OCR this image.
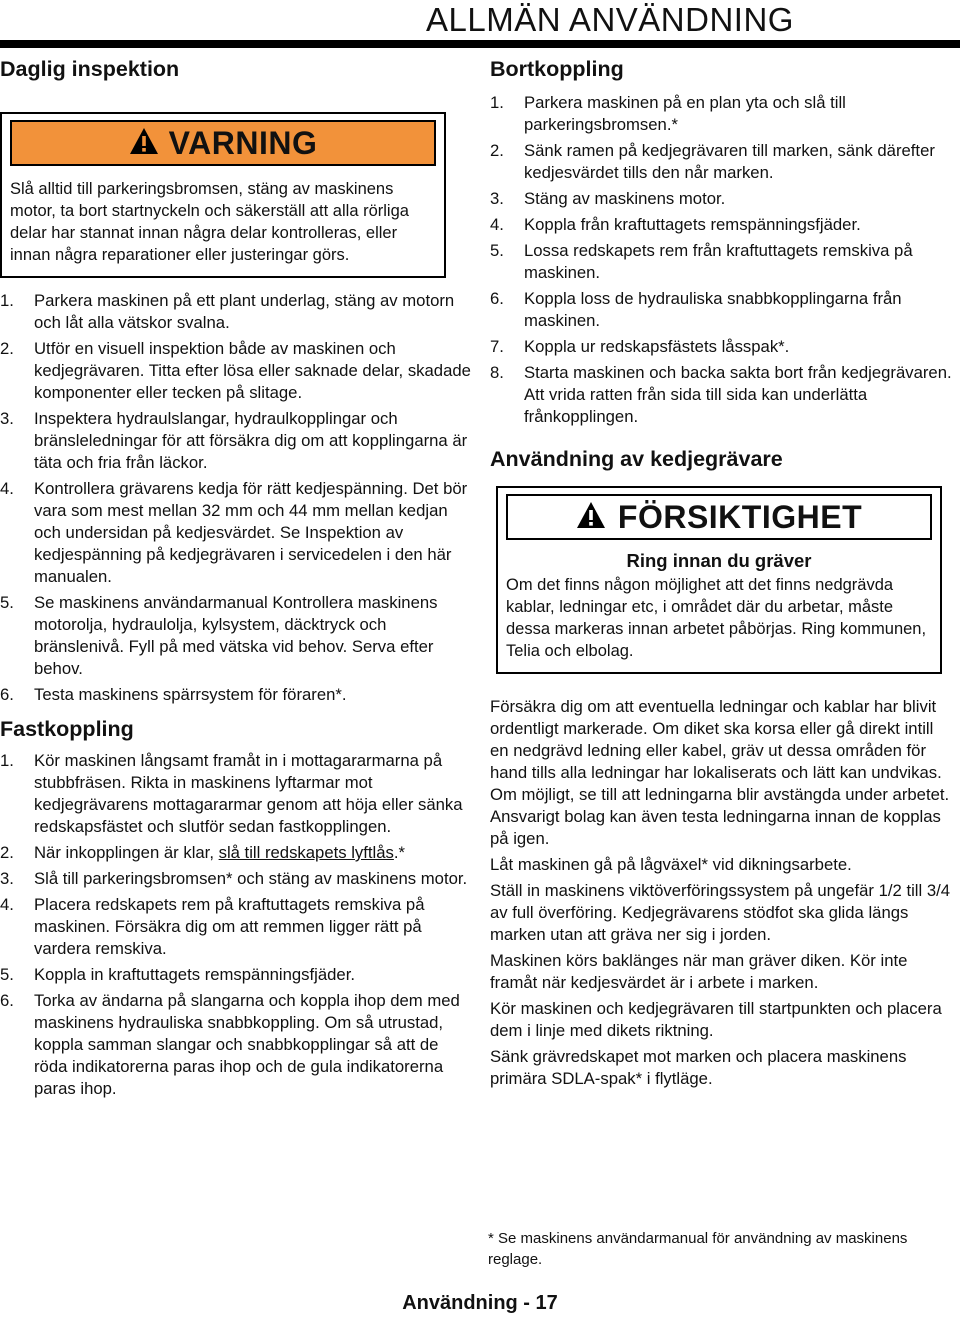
ALLMÄN ANVÄNDNING
Daglig inspektion
VARNING
Slå alltid till parkeringsbromsen, stäng av maskinens motor, ta bort startnyckeln och säkerställ att alla rörliga delar har stannat innan några delar kontrolleras, eller innan några reparationer eller justeringar görs.
1.	Parkera maskinen på ett plant underlag, stäng av motorn och låt alla vätskor svalna.
2.	Utför en visuell inspektion både av maskinen och kedjegrävaren. Titta efter lösa eller saknade delar, skadade komponenter eller tecken på slitage.
3.	Inspektera hydraulslangar, hydraulkopplingar och bränsleledningar för att försäkra dig om att kopplingarna är täta och fria från läckor.
4.	Kontrollera grävarens kedja för rätt kedjespänning. Det bör vara som mest mellan 32 mm och 44 mm mellan kedjan och undersidan på kedjesvärdet. Se Inspektion av kedjespänning på kedjegrävaren i servicedelen i den här manualen.
5.	Se maskinens användarmanual Kontrollera maskinens motorolja, hydraulolja, kylsystem, däcktryck och bränslenivå. Fyll på med vätska vid behov. Serva efter behov.
6.	Testa maskinens spärrsystem för föraren*.
Fastkoppling
1.	Kör maskinen långsamt framåt in i mottagararmarna på stubbfräsen. Rikta in maskinens lyftarmar mot kedjegrävarens mottagararmar genom att höja eller sänka redskapsfästet och slutför sedan fastkopplingen.
2.	När inkopplingen är klar, slå till redskapets lyftlås.*
3.	Slå till parkeringsbromsen* och stäng av maskinens motor.
4.	Placera redskapets rem på kraftuttagets remskiva på maskinen. Försäkra dig om att remmen ligger rätt på vardera remskiva.
5.	Koppla in kraftuttagets remspänningsfjäder.
6.	Torka av ändarna på slangarna och koppla ihop dem med maskinens hydrauliska snabbkoppling. Om så utrustad, koppla samman slangar och snabbkopplingar så att de röda indikatorerna paras ihop och de gula indikatorerna paras ihop.
Bortkoppling
1.	Parkera maskinen på en plan yta och slå till parkeringsbromsen.*
2.	Sänk ramen på kedjegrävaren till marken, sänk därefter kedjesvärdet tills den når marken.
3.	Stäng av maskinens motor.
4.	Koppla från kraftuttagets remspänningsfjäder.
5.	Lossa redskapets rem från kraftuttagets remskiva på maskinen.
6.	Koppla loss de hydrauliska snabbkopplingarna från maskinen.
7.	Koppla ur redskapsfästets låsspak*.
8.	Starta maskinen och backa sakta bort från kedjegrävaren. Att vrida ratten från sida till sida kan underlätta frånkopplingen.
Användning av kedjegrävare
FÖRSIKTIGHET
Ring innan du gräver
Om det finns någon möjlighet att det finns nedgrävda kablar, ledningar etc, i området där du arbetar, måste dessa markeras innan arbetet påbörjas. Ring kommunen, Telia och elbolag.

Försäkra dig om att eventuella ledningar och kablar har blivit ordentligt markerade. Om diket ska korsa eller gå direkt intill en nedgrävd ledning eller kabel, gräv ut dessa områden för hand tills alla ledningar har lokaliserats och lätt kan undvikas. Om möjligt, se till att ledningarna blir avstängda under arbetet. Ansvarigt bolag kan även testa ledningarna innan de kopplas på igen.

Låt maskinen gå på lågväxel* vid dikningsarbete.

Ställ in maskinens viktöverföringssystem på ungefär 1/2 till 3/4 av full överföring. Kedjegrävarens stödfot ska glida längs marken utan att gräva ner sig i jorden.

Maskinen körs baklänges när man gräver diken. Kör inte framåt när kedjesvärdet är i arbete i marken.

Kör maskinen och kedjegrävaren till startpunkten och placera dem i linje med dikets riktning.

Sänk grävredskapet mot marken och placera maskinens primära SDLA-spak* i flytläge.

* Se maskinens användarmanual för användning av maskinens reglage.
Användning - 17
